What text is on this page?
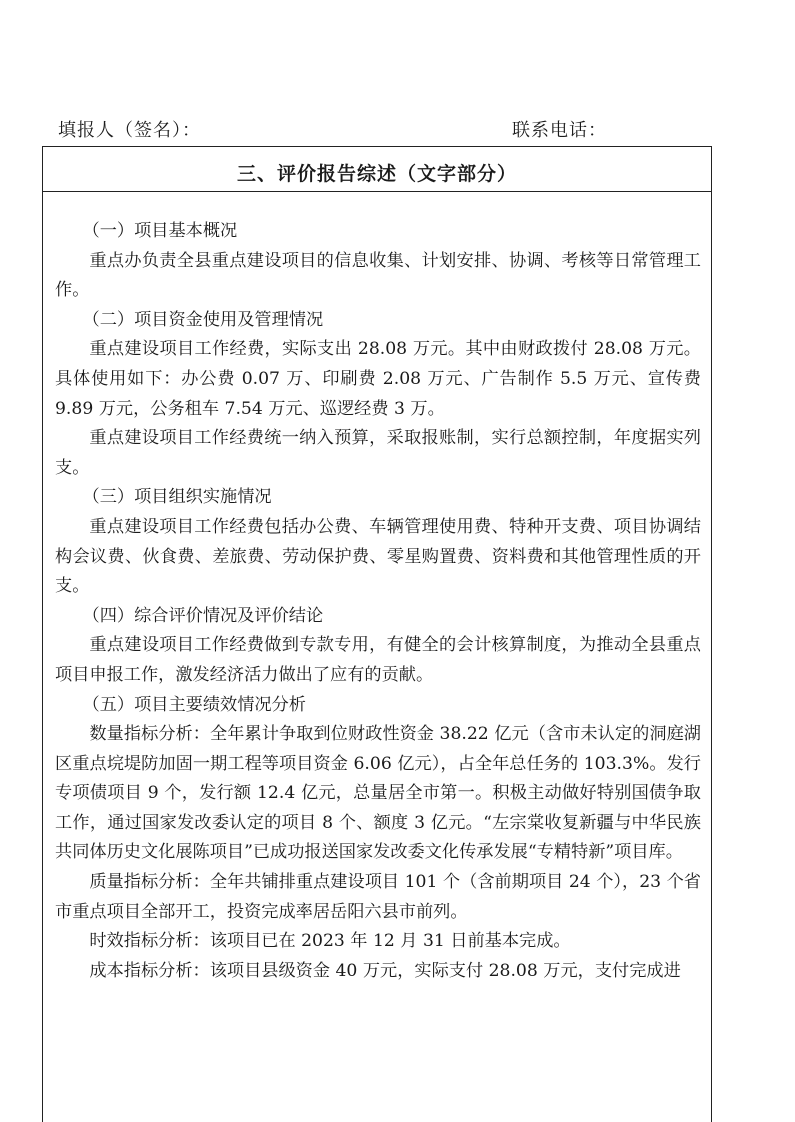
填报人（签名）：	联系电话：
三、评价报告综述（文字部分）

（一）项目基本概况

重点办负责全县重点建设项目的信息收集、计划安排、协调、考核等日常管理工作。

（二）项目资金使用及管理情况

重点建设项目工作经费，实际支出 28.08 万元。其中由财政拨付 28.08 万元。具体使用如下：办公费 0.07 万、印刷费 2.08 万元、广告制作 5.5 万元、宣传费 9.89 万元，公务租车 7.54 万元、巡逻经费 3 万。

重点建设项目工作经费统一纳入预算，采取报账制，实行总额控制，年度据实列支。

（三）项目组织实施情况

重点建设项目工作经费包括办公费、车辆管理使用费、特种开支费、项目协调结构会议费、伙食费、差旅费、劳动保护费、零星购置费、资料费和其他管理性质的开支。

（四）综合评价情况及评价结论

重点建设项目工作经费做到专款专用，有健全的会计核算制度，为推动全县重点项目申报工作，激发经济活力做出了应有的贡献。

（五）项目主要绩效情况分析

数量指标分析：全年累计争取到位财政性资金 38.22 亿元（含市未认定的洞庭湖区重点垸堤防加固一期工程等项目资金 6.06 亿元），占全年总任务的 103.3%。发行专项债项目 9 个，发行额 12.4 亿元，总量居全市第一。积极主动做好特别国债争取工作，通过国家发改委认定的项目 8 个、额度 3 亿元。“左宗棠收复新疆与中华民族共同体历史文化展陈项目”已成功报送国家发改委文化传承发展“专精特新”项目库。

质量指标分析：全年共铺排重点建设项目 101 个（含前期项目 24 个），23 个省市重点项目全部开工，投资完成率居岳阳六县市前列。

时效指标分析：该项目已在 2023 年 12 月 31 日前基本完成。

成本指标分析：该项目县级资金 40 万元，实际支付 28.08 万元，支付完成进
